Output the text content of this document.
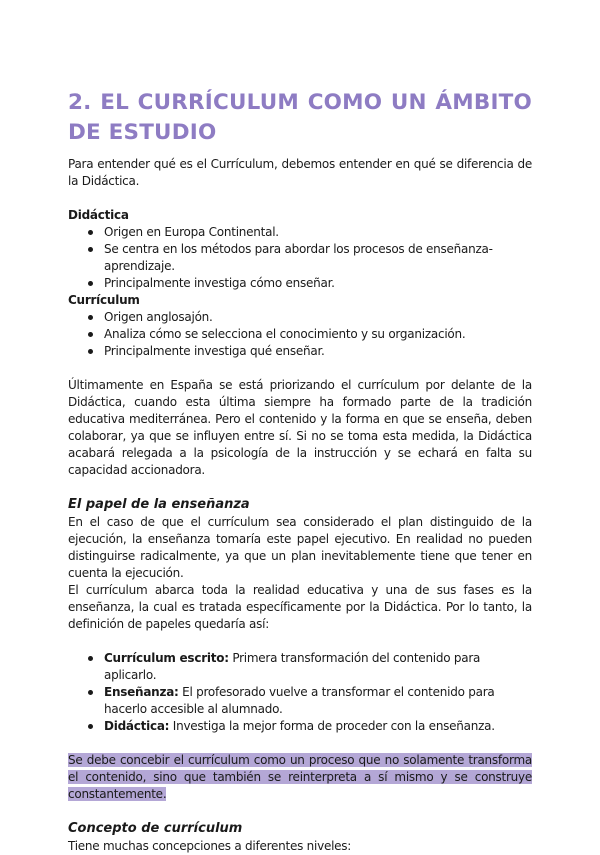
2. EL CURRÍCULUM COMO UN ÁMBITO
DE ESTUDIO

Para entender qué es el Currículum, debemos entender en qué se diferencia de la Didáctica.

Didáctica
Origen en Europa Continental.
Se centra en los métodos para abordar los procesos de enseñanza-aprendizaje.
Principalmente investiga cómo enseñar.
Currículum
Origen anglosajón.
Analiza cómo se selecciona el conocimiento y su organización.
Principalmente investiga qué enseñar.

Últimamente en España se está priorizando el currículum por delante de la Didáctica, cuando esta última siempre ha formado parte de la tradición educativa mediterránea. Pero el contenido y la forma en que se enseña, deben colaborar, ya que se influyen entre sí. Si no se toma esta medida, la Didáctica acabará relegada a la psicología de la instrucción y se echará en falta su capacidad accionadora.

El papel de la enseñanza

En el caso de que el currículum sea considerado el plan distinguido de la ejecución, la enseñanza tomaría este papel ejecutivo. En realidad no pueden distinguirse radicalmente, ya que un plan inevitablemente tiene que tener en cuenta la ejecución.

El currículum abarca toda la realidad educativa y una de sus fases es la enseñanza, la cual es tratada específicamente por la Didáctica. Por lo tanto, la definición de papeles quedaría así:

Currículum escrito: Primera transformación del contenido para aplicarlo.
Enseñanza: El profesorado vuelve a transformar el contenido para hacerlo accesible al alumnado.
Didáctica: Investiga la mejor forma de proceder con la enseñanza.

Se debe concebir el currículum como un proceso que no solamente transforma el contenido, sino que también se reinterpreta a sí mismo y se construye constantemente.

Concepto de currículum

Tiene muchas concepciones a diferentes niveles:
